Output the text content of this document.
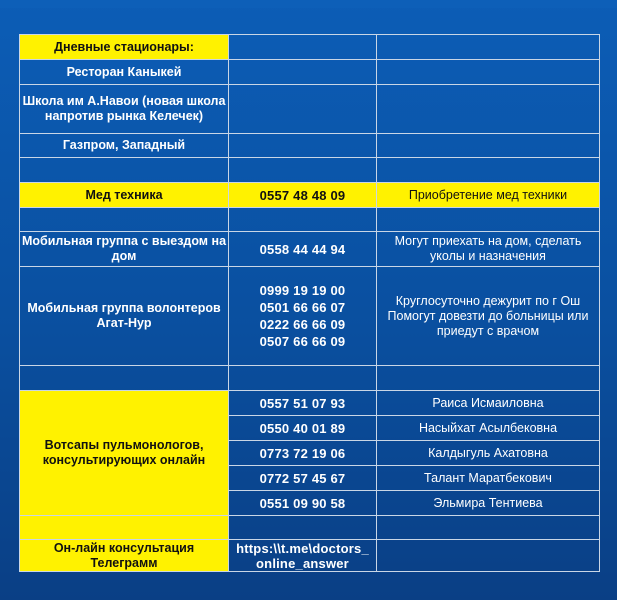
Дневные стационары:		
Ресторан Каныкей		
Школа им А.Навои (новая школа напротив рынка Келечек)		
Газпром, Западный		

Мед техника	0557 48 48 09	Приобретение мед техники

Мобильная группа с выездом на дом	0558 44 44 94	Могут приехать на дом, сделать уколы и назначения
Мобильная группа волонтеров Агат-Нур	0999 19 19 00
0501 66 66 07
0222 66 66 09
0507 66 66 09	Круглосуточно дежурит по г Ош Помогут довезти до больницы или приедут с врачом

Вотсапы пульмонологов, консультирующих онлайн	0557 51 07 93	Раиса Исмаиловна
	0550 40 01 89	Насыйхат Асылбековна
	0773 72 19 06	Калдыгуль Ахатовна
	0772 57 45 67	Талант Маратбекович
	0551 09 90 58	Эльмира Тентиева

Он-лайн консультация Телеграмм	https:\\t.me\doctors_ online_answer	
